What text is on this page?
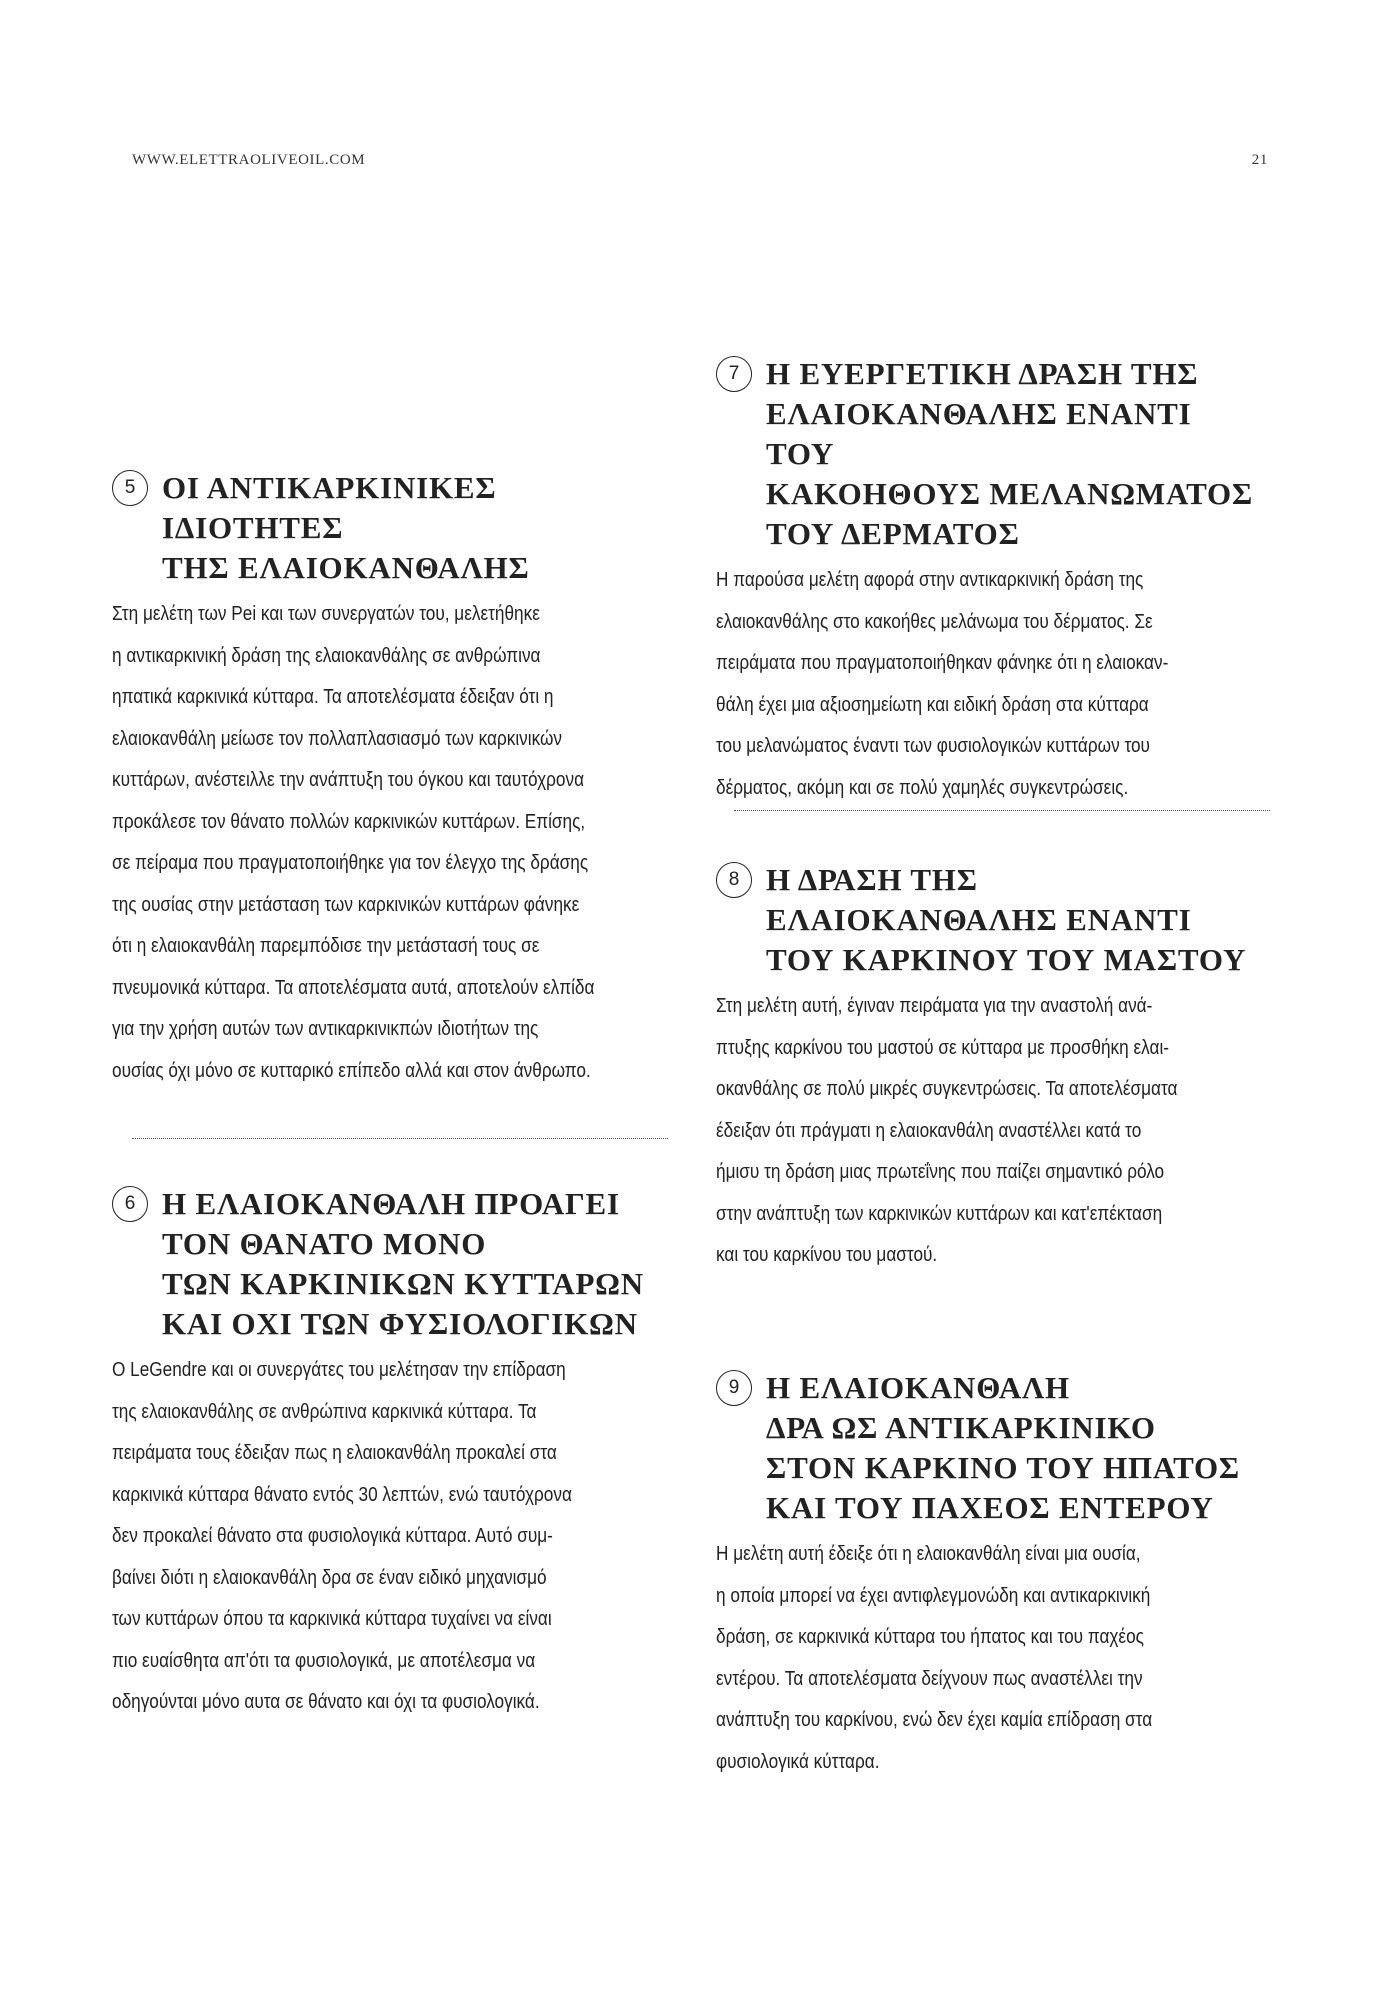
WWW.ELETTRAOLIVEOIL.COM	21
5 ΟΙ ΑΝΤΙΚΑΡΚΙΝΙΚΕΣ ΙΔΙΟΤΗΤΕΣ
ΤΗΣ ΕΛΑΙΟΚΑΝΘΑΛΗΣ
Στη μελέτη των Pei και των συνεργατών του, μελετήθηκε
η αντικαρκινική δράση της ελαιοκανθάλης σε ανθρώπινα
ηπατικά καρκινικά κύτταρα. Τα αποτελέσματα έδειξαν ότι η
ελαιοκανθάλη μείωσε τον πολλαπλασιασμό των καρκινικών
κυττάρων, ανέστειλλε την ανάπτυξη του όγκου και ταυτόχρονα
προκάλεσε τον θάνατο πολλών καρκινικών κυττάρων. Επίσης,
σε πείραμα που πραγματοποιήθηκε για τον έλεγχο της δράσης
της ουσίας στην μετάσταση των καρκινικών κυττάρων φάνηκε
ότι η ελαιοκανθάλη παρεμπόδισε την μετάστασή τους σε
πνευμονικά κύτταρα. Τα αποτελέσματα αυτά, αποτελούν ελπίδα
για την χρήση αυτών των αντικαρκινικπών ιδιοτήτων της
ουσίας όχι μόνο σε κυτταρικό επίπεδο αλλά και στον άνθρωπο.
6 Η ΕΛΑΙΟΚΑΝΘΑΛΗ ΠΡΟΑΓΕΙ
ΤΟΝ ΘΑΝΑΤΟ ΜΟΝΟ
ΤΩΝ ΚΑΡΚΙΝΙΚΩΝ ΚΥΤΤΑΡΩΝ
ΚΑΙ ΟΧΙ ΤΩΝ ΦΥΣΙΟΛΟΓΙΚΩΝ
Ο LeGendre και οι συνεργάτες του μελέτησαν την επίδραση
της ελαιοκανθάλης σε ανθρώπινα καρκινικά κύτταρα. Τα
πειράματα τους έδειξαν πως η ελαιοκανθάλη προκαλεί στα
καρκινικά κύτταρα θάνατο εντός 30 λεπτών, ενώ ταυτόχρονα
δεν προκαλεί θάνατο στα φυσιολογικά κύτταρα. Αυτό συμ-
βαίνει διότι η ελαιοκανθάλη δρα σε έναν ειδικό μηχανισμό
των κυττάρων όπου τα καρκινικά κύτταρα τυχαίνει να είναι
πιο ευαίσθητα απ'ότι τα φυσιολογικά, με αποτέλεσμα να
οδηγούνται μόνο αυτα σε θάνατο και όχι τα φυσιολογικά.
7 Η ΕΥΕΡΓΕΤΙΚΗ ΔΡΑΣΗ ΤΗΣ
ΕΛΑΙΟΚΑΝΘΑΛΗΣ ΕΝΑΝΤΙ ΤΟΥ
ΚΑΚΟΗΘΟΥΣ ΜΕΛΑΝΩΜΑΤΟΣ
ΤΟΥ ΔΕΡΜΑΤΟΣ
Η παρούσα μελέτη αφορά στην αντικαρκινική δράση της
ελαιοκανθάλης στο κακοήθες μελάνωμα του δέρματος. Σε
πειράματα που πραγματοποιήθηκαν φάνηκε ότι η ελαιοκαν-
θάλη έχει μια αξιοσημείωτη και ειδική δράση στα κύτταρα
του μελανώματος έναντι των φυσιολογικών κυττάρων του
δέρματος, ακόμη και σε πολύ χαμηλές συγκεντρώσεις.
8 Η ΔΡΑΣΗ ΤΗΣ
ΕΛΑΙΟΚΑΝΘΑΛΗΣ ΕΝΑΝΤΙ
ΤΟΥ ΚΑΡΚΙΝΟΥ ΤΟΥ ΜΑΣΤΟΥ
Στη μελέτη αυτή, έγιναν πειράματα για την αναστολή ανά-
πτυξης καρκίνου του μαστού σε κύτταρα με προσθήκη ελαι-
οκανθάλης σε πολύ μικρές συγκεντρώσεις. Τα αποτελέσματα
έδειξαν ότι πράγματι η ελαιοκανθάλη αναστέλλει κατά το
ήμισυ τη δράση μιας πρωτεΐνης που παίζει σημαντικό ρόλο
στην ανάπτυξη των καρκινικών κυττάρων και κατ'επέκταση
και του καρκίνου του μαστού.
9 Η ΕΛΑΙΟΚΑΝΘΑΛΗ
ΔΡΑ ΩΣ ΑΝΤΙΚΑΡΚΙΝΙΚΟ
ΣΤΟΝ ΚΑΡΚΙΝΟ ΤΟΥ ΗΠΑΤΟΣ
ΚΑΙ ΤΟΥ ΠΑΧΕΟΣ ΕΝΤΕΡΟΥ
Η μελέτη αυτή έδειξε ότι η ελαιοκανθάλη είναι μια ουσία,
η οποία μπορεί να έχει αντιφλεγμονώδη και αντικαρκινική
δράση, σε καρκινικά κύτταρα του ήπατος και του παχέος
εντέρου. Τα αποτελέσματα δείχνουν πως αναστέλλει την
ανάπτυξη του καρκίνου, ενώ δεν έχει καμία επίδραση στα
φυσιολογικά κύτταρα.
